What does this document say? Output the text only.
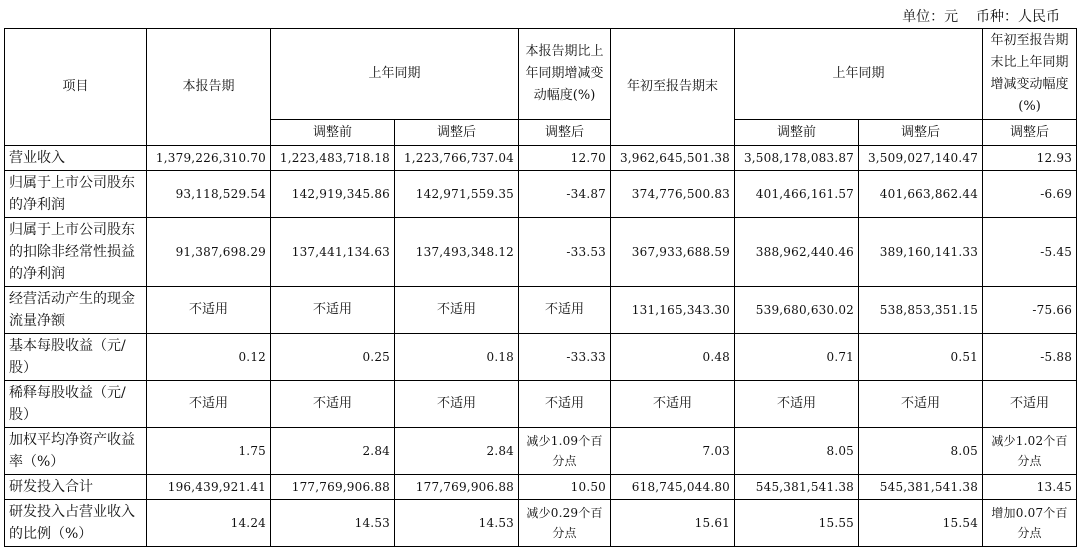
单位：元    币种：人民币
项目	本报告期	上年同期		本报告期比上年同期增减变动幅度(%)	年初至报告期末	上年同期		年初至报告期末比上年同期增减变动幅度(%)
		调整前	调整后	调整后		调整前	调整后	调整后
营业收入	1,379,226,310.70	1,223,483,718.18	1,223,766,737.04	12.70	3,962,645,501.38	3,508,178,083.87	3,509,027,140.47	12.93
归属于上市公司股东的净利润	93,118,529.54	142,919,345.86	142,971,559.35	-34.87	374,776,500.83	401,466,161.57	401,663,862.44	-6.69
归属于上市公司股东的扣除非经常性损益的净利润	91,387,698.29	137,441,134.63	137,493,348.12	-33.53	367,933,688.59	388,962,440.46	389,160,141.33	-5.45
经营活动产生的现金流量净额	不适用	不适用	不适用	不适用	131,165,343.30	539,680,630.02	538,853,351.15	-75.66
基本每股收益（元/股）	0.12	0.25	0.18	-33.33	0.48	0.71	0.51	-5.88
稀释每股收益（元/股）	不适用	不适用	不适用	不适用	不适用	不适用	不适用	不适用
加权平均净资产收益率（%）	1.75	2.84	2.84	减少1.09个百分点	7.03	8.05	8.05	减少1.02个百分点
研发投入合计	196,439,921.41	177,769,906.88	177,769,906.88	10.50	618,745,044.80	545,381,541.38	545,381,541.38	13.45
研发投入占营业收入的比例（%）	14.24	14.53	14.53	减少0.29个百分点	15.61	15.55	15.54	增加0.07个百分点
